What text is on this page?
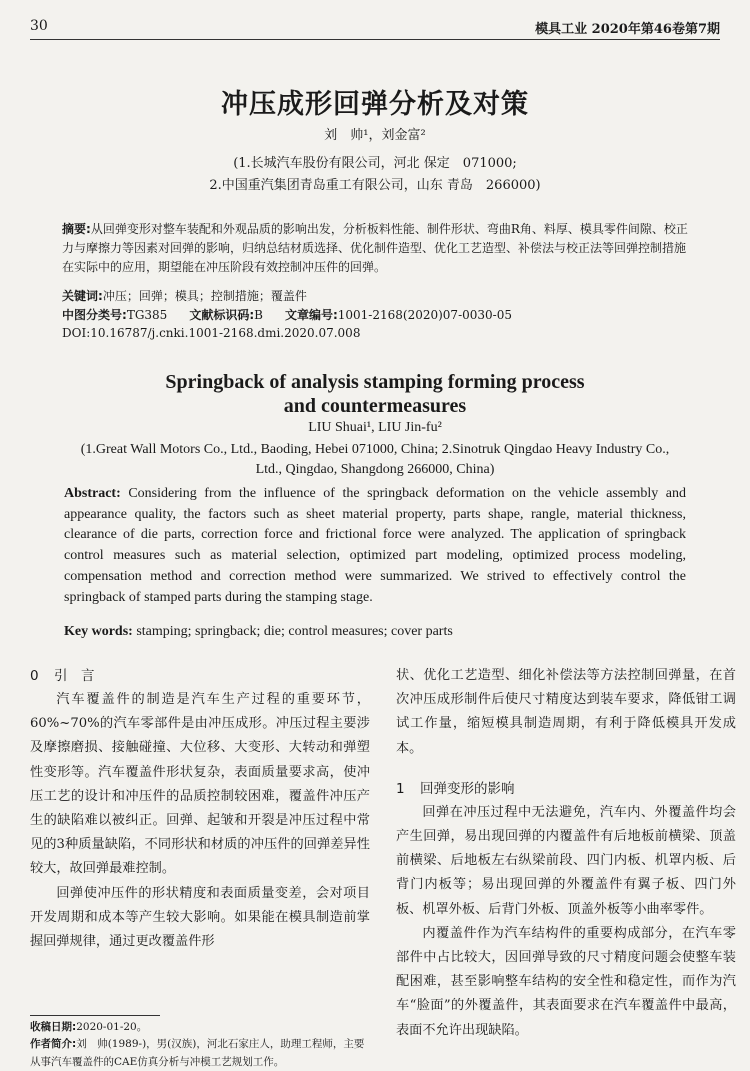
30	模具工业 2020年第46卷第7期
冲压成形回弹分析及对策
刘　帅¹，刘金富²
(1.长城汽车股份有限公司，河北 保定　071000;
2.中国重汽集团青岛重工有限公司，山东 青岛　266000)
摘要:从回弹变形对整车装配和外观品质的影响出发，分析板料性能、制件形状、弯曲R角、料厚、模具零件间隙、校正力与摩擦力等因素对回弹的影响，归纳总结材质选择、优化制件造型、优化工艺造型、补偿法与校正法等回弹控制措施在实际中的应用，期望能在冲压阶段有效控制冲压件的回弹。
关键词:冲压；回弹；模具；控制措施；覆盖件
中图分类号:TG385 文献标识码:B 文章编号:1001-2168(2020)07-0030-05
DOI:10.16787/j.cnki.1001-2168.dmi.2020.07.008
Springback of analysis stamping forming process
and countermeasures
LIU Shuai¹, LIU Jin-fu²
(1.Great Wall Motors Co., Ltd., Baoding, Hebei 071000, China; 2.Sinotruk Qingdao Heavy Industry Co., Ltd., Qingdao, Shangdong 266000, China)
Abstract: Considering from the influence of the springback deformation on the vehicle assembly and appearance quality, the factors such as sheet material property, parts shape, rangle, material thickness, clearance of die parts, correction force and frictional force were analyzed. The application of springback control measures such as material selection, optimized part modeling, optimized process modeling, compensation method and correction method were summarized. We strived to effectively control the springback of stamped parts during the stamping stage.
Key words: stamping; springback; die; control measures; cover parts
0 引　言
汽车覆盖件的制造是汽车生产过程的重要环节，60%~70%的汽车零部件是由冲压成形。冲压过程主要涉及摩擦磨损、接触碰撞、大位移、大变形、大转动和弹塑性变形等。汽车覆盖件形状复杂，表面质量要求高，使冲压工艺的设计和冲压件的品质控制较困难，覆盖件冲压产生的缺陷难以被纠正。回弹、起皱和开裂是冲压过程中常见的3种质量缺陷，不同形状和材质的冲压件的回弹差异性较大，故回弹最难控制。
回弹使冲压件的形状精度和表面质量变差，会对项目开发周期和成本等产生较大影响。如果能在模具制造前掌握回弹规律，通过更改覆盖件形
状、优化工艺造型、细化补偿法等方法控制回弹量，在首次冲压成形制件后使尺寸精度达到装车要求，降低钳工调试工作量，缩短模具制造周期，有利于降低模具开发成本。
1 回弹变形的影响
回弹在冲压过程中无法避免，汽车内、外覆盖件均会产生回弹，易出现回弹的内覆盖件有后地板前横梁、顶盖前横梁、后地板左右纵梁前段、四门内板、机罩内板、后背门内板等；易出现回弹的外覆盖件有翼子板、四门外板、机罩外板、后背门外板、顶盖外板等小曲率零件。
内覆盖件作为汽车结构件的重要构成部分，在汽车零部件中占比较大，因回弹导致的尺寸精度问题会使整车装配困难，甚至影响整车结构的安全性和稳定性，而作为汽车“脸面”的外覆盖件，其表面要求在汽车覆盖件中最高，表面不允许出现缺陷。
收稿日期:2020-01-20。
作者简介:刘　帅(1989-)，男(汉族)，河北石家庄人，助理工程师，主要从事汽车覆盖件的CAE仿真分析与冲模工艺规划工作。
